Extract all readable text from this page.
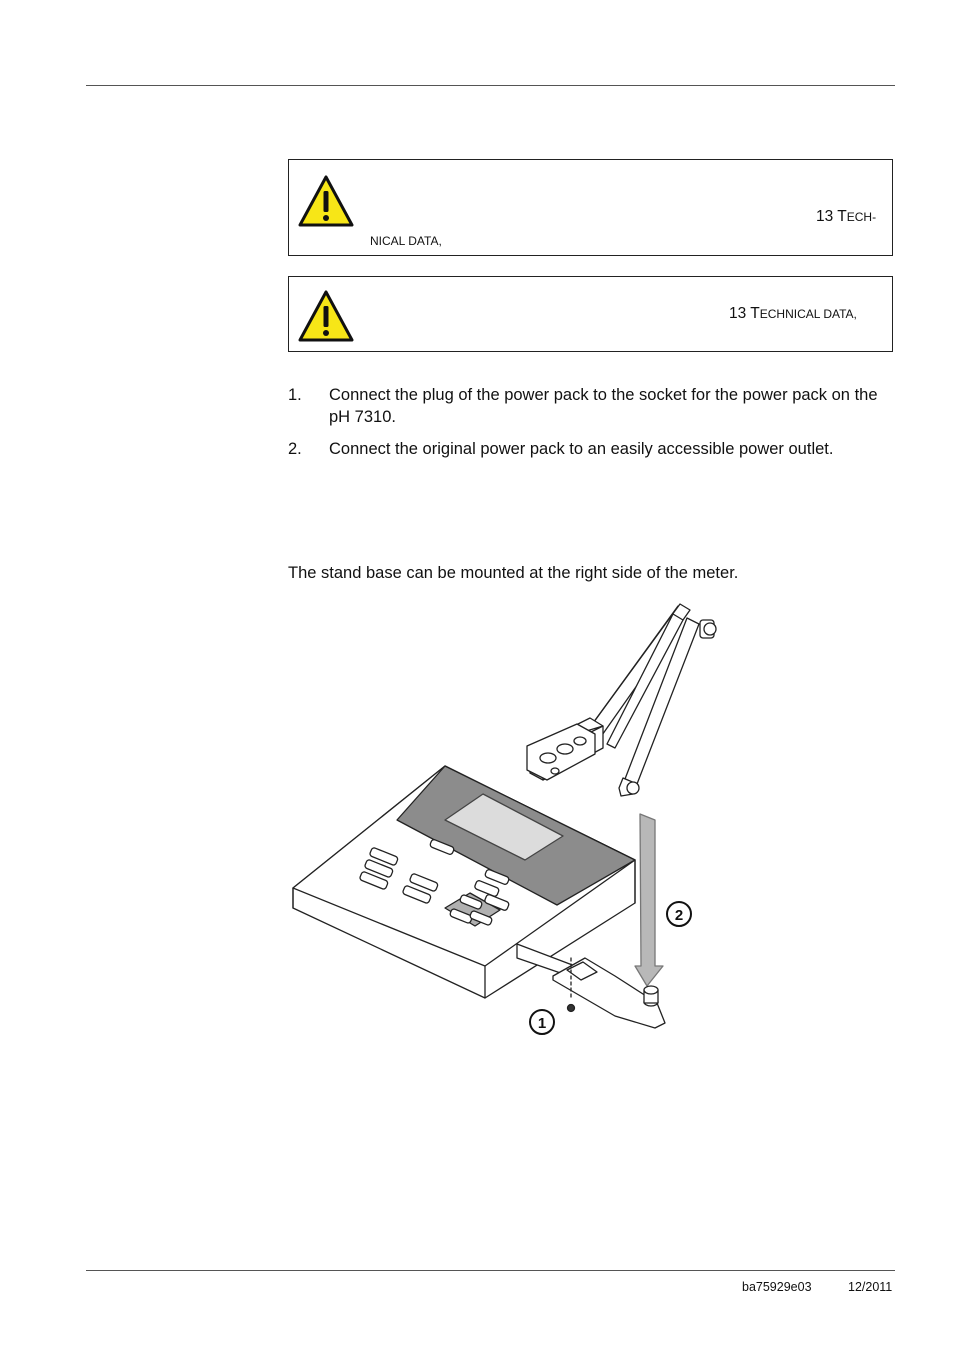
13 TECH-
NICAL DATA,
13 TECHNICAL DATA,
1. Connect the plug of the power pack to the socket for the power pack on the pH 7310.
2. Connect the original power pack to an easily accessible power outlet.
The stand base can be mounted at the right side of the meter.
1
2
ba75929e03	12/2011
